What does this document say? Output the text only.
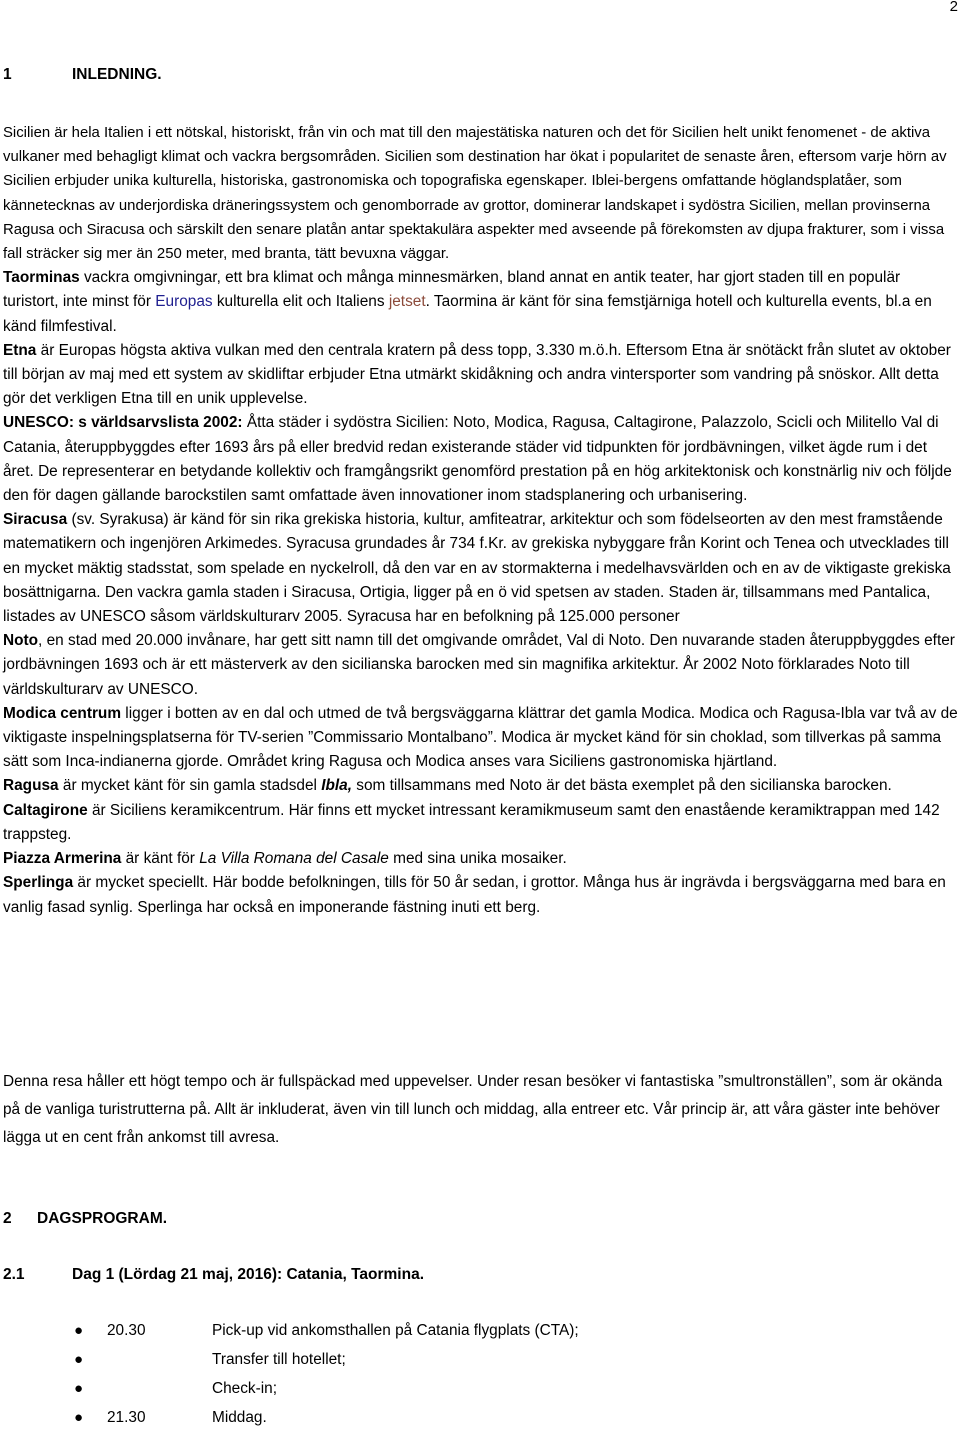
2
1	INLEDNING.

Sicilien är hela Italien i ett nötskal, historiskt, från vin och mat till den majestätiska naturen och det för Sicilien helt unikt fenomenet - de aktiva vulkaner med behagligt klimat och vackra bergsområden. Sicilien som destination har ökat i popularitet de senaste åren, eftersom varje hörn av Sicilien erbjuder unika kulturella, historiska, gastronomiska och topografiska egenskaper. Iblei-bergens omfattande höglandsplatåer, som kännetecknas av underjordiska dräneringssystem och genomborrade av grottor, dominerar landskapet i sydöstra Sicilien, mellan provinserna Ragusa och Siracusa och särskilt den senare platån antar spektakulära aspekter med avseende på förekomsten av djupa frakturer, som i vissa fall sträcker sig mer än 250 meter, med branta, tätt bevuxna väggar.

Taorminas vackra omgivningar, ett bra klimat och många minnesmärken, bland annat en antik teater, har gjort staden till en populär turistort, inte minst för Europas kulturella elit och Italiens jetset. Taormina är känt för sina femstjärniga hotell och kulturella events, bl.a en känd filmfestival.

Etna är Europas högsta aktiva vulkan med den centrala kratern på dess topp, 3.330 m.ö.h. Eftersom Etna är snötäckt från slutet av oktober till början av maj med ett system av skidliftar erbjuder Etna utmärkt skidåkning och andra vintersporter som vandring på snöskor. Allt detta gör det verkligen Etna till en unik upplevelse.

UNESCO: s världsarvslista 2002: Åtta städer i sydöstra Sicilien: Noto, Modica, Ragusa, Caltagirone, Palazzolo, Scicli och Militello Val di Catania, återuppbyggdes efter 1693 års på eller bredvid redan existerande städer vid tidpunkten för jordbävningen, vilket ägde rum i det året. De representerar en betydande kollektiv och framgångsrikt genomförd prestation på en hög arkitektonisk och konstnärlig niv och följde den för dagen gällande barockstilen samt omfattade även innovationer inom stadsplanering och urbanisering.

Siracusa (sv. Syrakusa) är känd för sin rika grekiska historia, kultur, amfiteatrar, arkitektur och som födelseorten av den mest framstående matematikern och ingenjören Arkimedes. Syracusa grundades år 734 f.Kr. av grekiska nybyggare från Korint och Tenea och utvecklades till en mycket mäktig stadsstat, som spelade en nyckelroll, då den var en av stormakterna i medelhavsvärlden och en av de viktigaste grekiska bosättnigarna. Den vackra gamla staden i Siracusa, Ortigia, ligger på en ö vid spetsen av staden. Staden är, tillsammans med Pantalica, listades av UNESCO såsom världskulturarv 2005. Syracusa har en befolkning på 125.000 personer

Noto, en stad med 20.000 invånare, har gett sitt namn till det omgivande området, Val di Noto. Den nuvarande staden återuppbyggdes efter jordbävningen 1693 och är ett mästerverk av den sicilianska barocken med sin magnifika arkitektur. År 2002 Noto förklarades Noto till världskulturarv av UNESCO.

Modica centrum ligger i botten av en dal och utmed de två bergsväggarna klättrar det gamla Modica. Modica och Ragusa-Ibla var två av de viktigaste inspelningsplatserna för TV-serien ”Commissario Montalbano”. Modica är mycket känd för sin choklad, som tillverkas på samma sätt som Inca-indianerna gjorde. Området kring Ragusa och Modica anses vara Siciliens gastronomiska hjärtland.

Ragusa är mycket känt för sin gamla stadsdel Ibla, som tillsammans med Noto är det bästa exemplet på den sicilianska barocken.

Caltagirone är Siciliens keramikcentrum. Här finns ett mycket intressant keramikmuseum samt den enastående keramiktrappan med 142 trappsteg.

Piazza Armerina är känt för La Villa Romana del Casale med sina unika mosaiker.

Sperlinga är mycket speciellt. Här bodde befolkningen, tills för 50 år sedan, i grottor. Många hus är ingrävda i bergsväggarna med bara en vanlig fasad synlig. Sperlinga har också en imponerande fästning inuti ett berg.

Denna resa håller ett högt tempo och är fullspäckad med uppevelser. Under resan besöker vi fantastiska ”smultronställen”, som är okända på de vanliga turistrutterna på. Allt är inkluderat, även vin till lunch och middag, alla entreer etc. Vår princip är, att våra gäster inte behöver lägga ut en cent från ankomst till avresa.

2 DAGSPROGRAM.
2.1	Dag 1 (Lördag 21 maj, 2016): Catania, Taormina.
● 20.30	Pick-up vid ankomsthallen på Catania flygplats (CTA);
●	Transfer till hotellet;
●	Check-in;
● 21.30	Middag.
